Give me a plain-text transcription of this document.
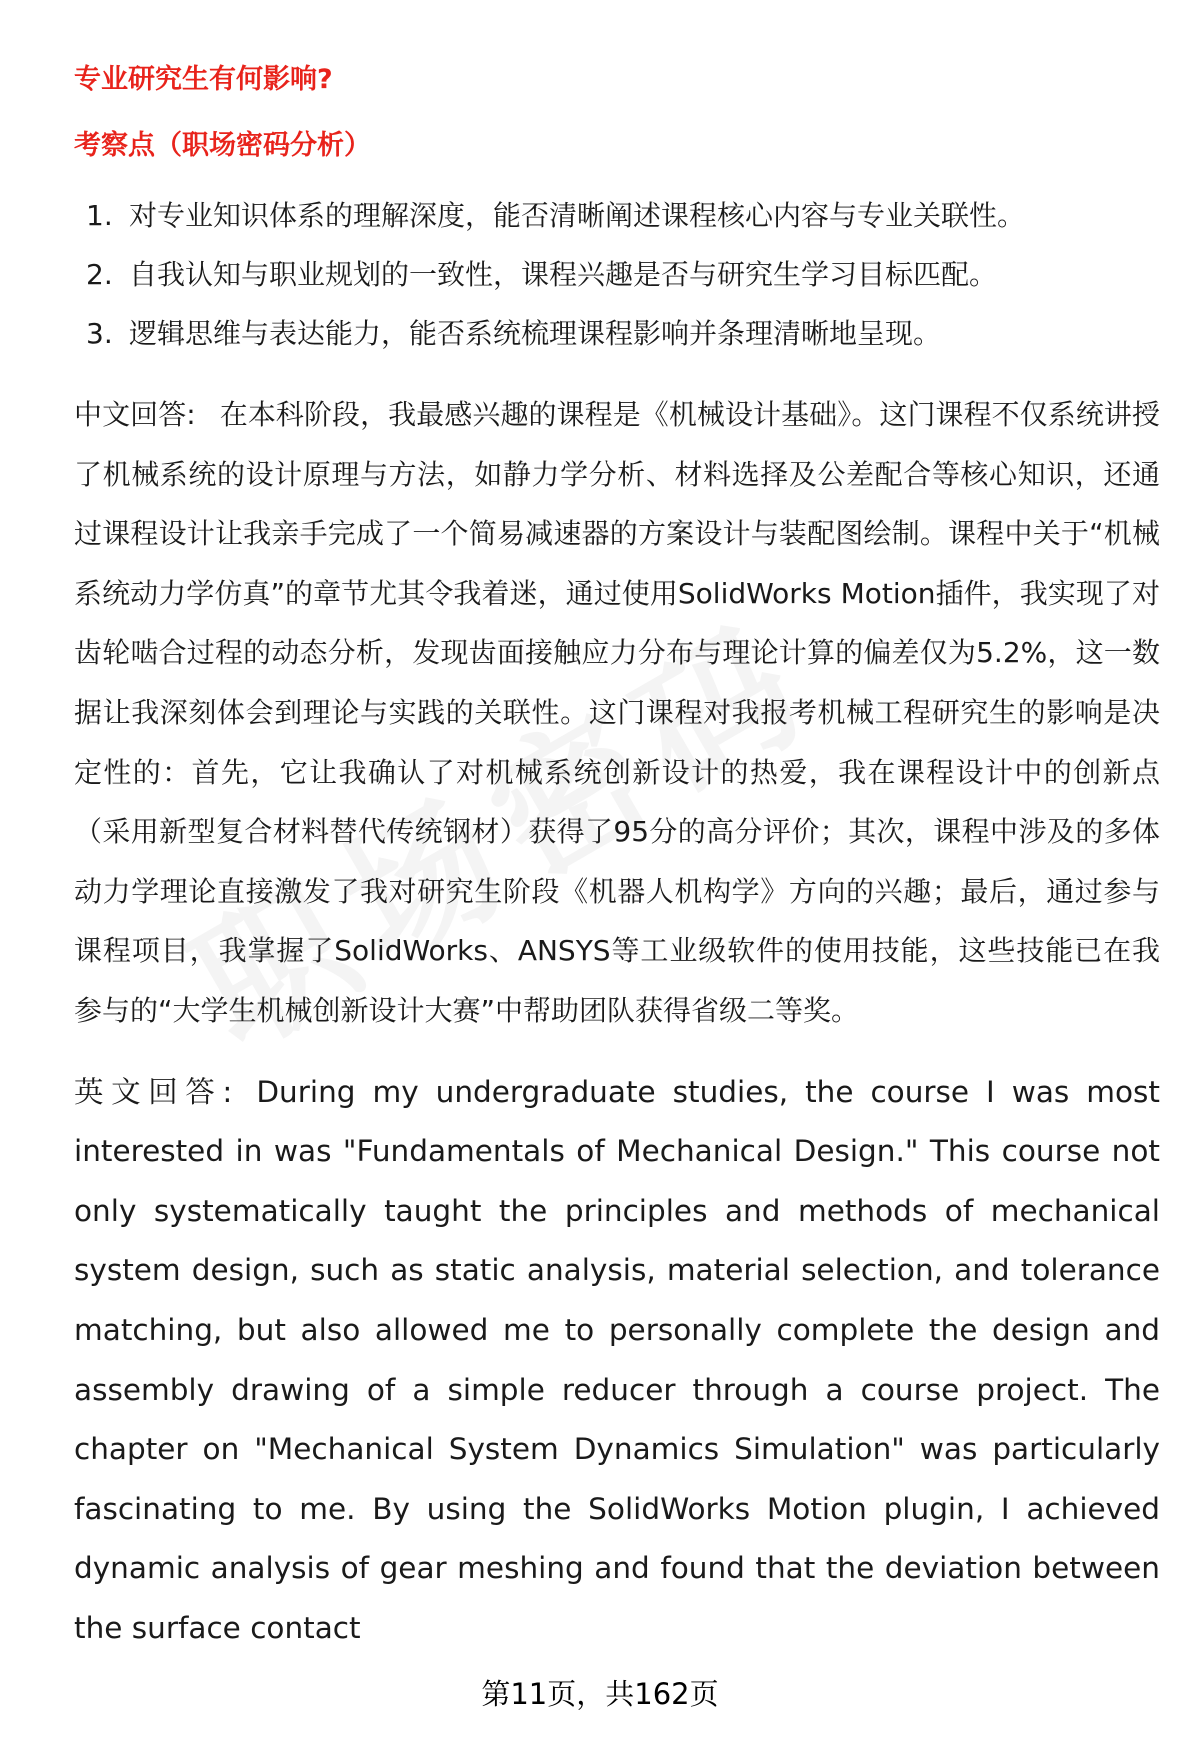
专业研究生有何影响?

考察点（职场密码分析）

1. 对专业知识体系的理解深度，能否清晰阐述课程核心内容与专业关联性。
2. 自我认知与职业规划的一致性，课程兴趣是否与研究生学习目标匹配。
3. 逻辑思维与表达能力，能否系统梳理课程影响并条理清晰地呈现。

中文回答: 在本科阶段，我最感兴趣的课程是《机械设计基础》。这门课程不仅系统讲授了机械系统的设计原理与方法，如静力学分析、材料选择及公差配合等核心知识，还通过课程设计让我亲手完成了一个简易减速器的方案设计与装配图绘制。课程中关于“机械系统动力学仿真”的章节尤其令我着迷，通过使用SolidWorks Motion插件，我实现了对齿轮啮合过程的动态分析，发现齿面接触应力分布与理论计算的偏差仅为5.2%，这一数据让我深刻体会到理论与实践的关联性。这门课程对我报考机械工程研究生的影响是决定性的：首先，它让我确认了对机械系统创新设计的热爱，我在课程设计中的创新点（采用新型复合材料替代传统钢材）获得了95分的高分评价；其次，课程中涉及的多体动力学理论直接激发了我对研究生阶段《机器人机构学》方向的兴趣；最后，通过参与课程项目，我掌握了SolidWorks、ANSYS等工业级软件的使用技能，这些技能已在我参与的“大学生机械创新设计大赛”中帮助团队获得省级二等奖。

英文回答: During my undergraduate studies, the course I was most interested in was "Fundamentals of Mechanical Design." This course not only systematically taught the principles and methods of mechanical system design, such as static analysis, material selection, and tolerance matching, but also allowed me to personally complete the design and assembly drawing of a simple reducer through a course project. The chapter on "Mechanical System Dynamics Simulation" was particularly fascinating to me. By using the SolidWorks Motion plugin, I achieved dynamic analysis of gear meshing and found that the deviation between the surface contact

第11页，共162页
